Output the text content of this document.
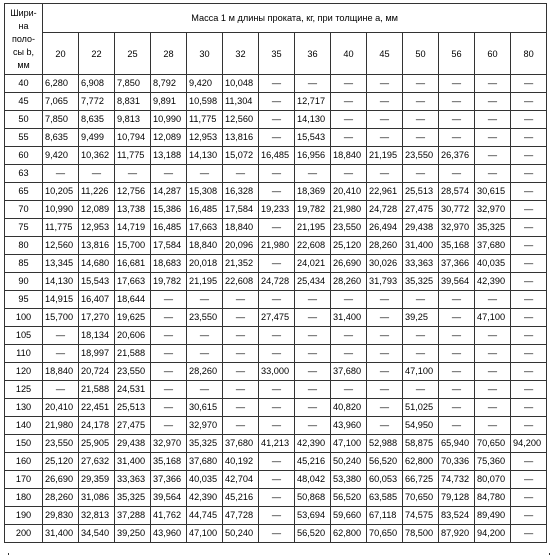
Шири-
на
поло-
сы b, мм	Масса 1 м длины проката, кг, при толщине а, мм													
	20	22	25	28	30	32	35	36	40	45	50	56	60	80
40	6,280	6,908	7,850	8,792	9,420	10,048	—	—	—	—	—	—	—	—
45	7,065	7,772	8,831	9,891	10,598	11,304	—	12,717	—	—	—	—	—	—
50	7,850	8,635	9,813	10,990	11,775	12,560	—	14,130	—	—	—	—	—	—
55	8,635	9,499	10,794	12,089	12,953	13,816	—	15,543	—	—	—	—	—	—
60	9,420	10,362	11,775	13,188	14,130	15,072	16,485	16,956	18,840	21,195	23,550	26,376	—	—
63	—	—	—	—	—	—	—	—	—	—	—	—	—	—
65	10,205	11,226	12,756	14,287	15,308	16,328	—	18,369	20,410	22,961	25,513	28,574	30,615	—
70	10,990	12,089	13,738	15,386	16,485	17,584	19,233	19,782	21,980	24,728	27,475	30,772	32,970	—
75	11,775	12,953	14,719	16,485	17,663	18,840	—	21,195	23,550	26,494	29,438	32,970	35,325	—
80	12,560	13,816	15,700	17,584	18,840	20,096	21,980	22,608	25,120	28,260	31,400	35,168	37,680	—
85	13,345	14,680	16,681	18,683	20,018	21,352	—	24,021	26,690	30,026	33,363	37,366	40,035	—
90	14,130	15,543	17,663	19,782	21,195	22,608	24,728	25,434	28,260	31,793	35,325	39,564	42,390	—
95	14,915	16,407	18,644	—	—	—	—	—	—	—	—	—	—	—
100	15,700	17,270	19,625	—	23,550	—	27,475	—	31,400	—	39,25	—	47,100	—
105	—	18,134	20,606	—	—	—	—	—	—	—	—	—	—	—
110	—	18,997	21,588	—	—	—	—	—	—	—	—	—	—	—
120	18,840	20,724	23,550	—	28,260	—	33,000	—	37,680	—	47,100	—	—	—
125	—	21,588	24,531	—	—	—	—	—	—	—	—	—	—	—
130	20,410	22,451	25,513	—	30,615	—	—	—	40,820	—	51,025	—	—	—
140	21,980	24,178	27,475	—	32,970	—	—	—	43,960	—	54,950	—	—	—
150	23,550	25,905	29,438	32,970	35,325	37,680	41,213	42,390	47,100	52,988	58,875	65,940	70,650	94,200
160	25,120	27,632	31,400	35,168	37,680	40,192	—	45,216	50,240	56,520	62,800	70,336	75,360	—
170	26,690	29,359	33,363	37,366	40,035	42,704	—	48,042	53,380	60,053	66,725	74,732	80,070	—
180	28,260	31,086	35,325	39,564	42,390	45,216	—	50,868	56,520	63,585	70,650	79,128	84,780	—
190	29,830	32,813	37,288	41,762	44,745	47,728	—	53,694	59,660	67,118	74,575	83,524	89,490	—
200	31,400	34,540	39,250	43,960	47,100	50,240	—	56,520	62,800	70,650	78,500	87,920	94,200	—
